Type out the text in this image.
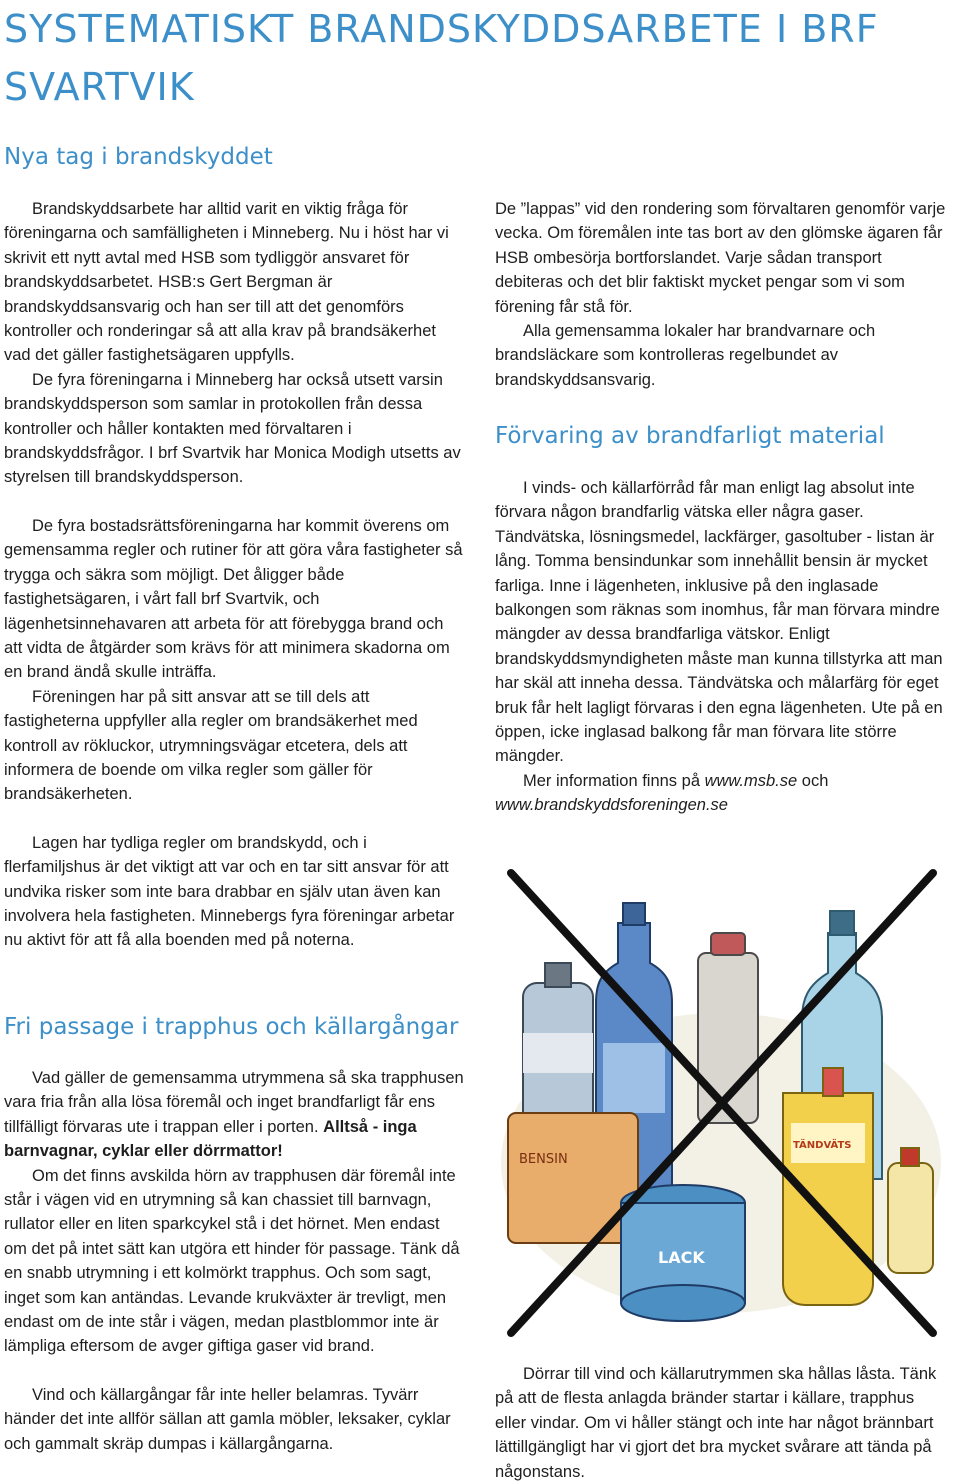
SYSTEMATISKT BRANDSKYDDSARBETE I BRF SVARTVIK
Nya tag i brandskyddet

Brandskyddsarbete har alltid varit en viktig fråga för föreningarna och samfälligheten i Minneberg. Nu i höst har vi skrivit ett nytt avtal med HSB som tydliggör ansvaret för brandskyddsarbetet. HSB:s Gert Bergman är brandskyddsansvarig och han ser till att det genomförs kontroller och ronderingar så att alla krav på brandsäkerhet vad det gäller fastighetsägaren uppfylls.

De fyra föreningarna i Minneberg har också utsett varsin brandskyddsperson som samlar in protokollen från dessa kontroller och håller kontakten med förvaltaren i brandskyddsfrågor. I brf Svartvik har Monica Modigh utsetts av styrelsen till brandskyddsperson.

De fyra bostadsrättsföreningarna har kommit överens om gemensamma regler och rutiner för att göra våra fastigheter så trygga och säkra som möjligt. Det åligger både fastighetsägaren, i vårt fall brf Svartvik, och lägenhetsinnehavaren att arbeta för att förebygga brand och att vidta de åtgärder som krävs för att minimera skadorna om en brand ändå skulle inträffa.

Föreningen har på sitt ansvar att se till dels att fastigheterna uppfyller alla regler om brandsäkerhet med kontroll av rökluckor, utrymningsvägar etcetera, dels att informera de boende om vilka regler som gäller för brandsäkerheten.

Lagen har tydliga regler om brandskydd, och i flerfamiljshus är det viktigt att var och en tar sitt ansvar för att undvika risker som inte bara drabbar en själv utan även kan involvera hela fastigheten. Minnebergs fyra föreningar arbetar nu aktivt för att få alla boenden med på noterna.

Fri passage i trapphus och källargångar

Vad gäller de gemensamma utrymmena så ska trapphusen vara fria från alla lösa föremål och inget brandfarligt får ens tillfälligt förvaras ute i trappan eller i porten. Alltså - inga barnvagnar, cyklar eller dörrmattor!

Om det finns avskilda hörn av trapphusen där föremål inte står i vägen vid en utrymning så kan chassiet till barnvagn, rullator eller en liten sparkcykel stå i det hörnet. Men endast om det på intet sätt kan utgöra ett hinder för passage. Tänk då en snabb utrymning i ett kolmörkt trapphus. Och som sagt, inget som kan antändas. Levande krukväxter är trevligt, men endast om de inte står i vägen, medan plastblommor inte är lämpliga eftersom de avger giftiga gaser vid brand.

Vind och källargångar får inte heller belamras. Tyvärr händer det inte allför sällan att gamla möbler, leksaker, cyklar och gammalt skräp dumpas i källargångarna.

De ”lappas” vid den rondering som förvaltaren genomför varje vecka. Om föremålen inte tas bort av den glömske ägaren får HSB ombesörja bortforslandet. Varje sådan transport debiteras och det blir faktiskt mycket pengar som vi som förening får stå för.

Alla gemensamma lokaler har brandvarnare och brandsläckare som kontrolleras regelbundet av brandskyddsansvarig.

Förvaring av brandfarligt material

I vinds- och källarförråd får man enligt lag absolut inte förvara någon brandfarlig vätska eller några gaser. Tändvätska, lösningsmedel, lackfärger, gasoltuber - listan är lång. Tomma bensindunkar som innehållit bensin är mycket farliga. Inne i lägenheten, inklusive på den inglasade balkongen som räknas som inomhus, får man förvara mindre mängder av dessa brandfarliga vätskor. Enligt brandskyddsmyndigheten måste man kunna tillstyrka att man har skäl att inneha dessa. Tändvätska och målarfärg för eget bruk får helt lagligt förvaras i den egna lägenheten. Ute på en öppen, icke inglasad balkong får man förvara lite större mängder.

Mer information finns på www.msb.se och www.brandskyddsforeningen.se

BENSIN
LACK
TÄNDVÄTS

Dörrar till vind och källarutrymmen ska hållas låsta. Tänk på att de flesta anlagda bränder startar i källare, trapphus eller vindar. Om vi håller stängt och inte har något brännbart lättillgängligt har vi gjort det bra mycket svårare att tända på någonstans.
